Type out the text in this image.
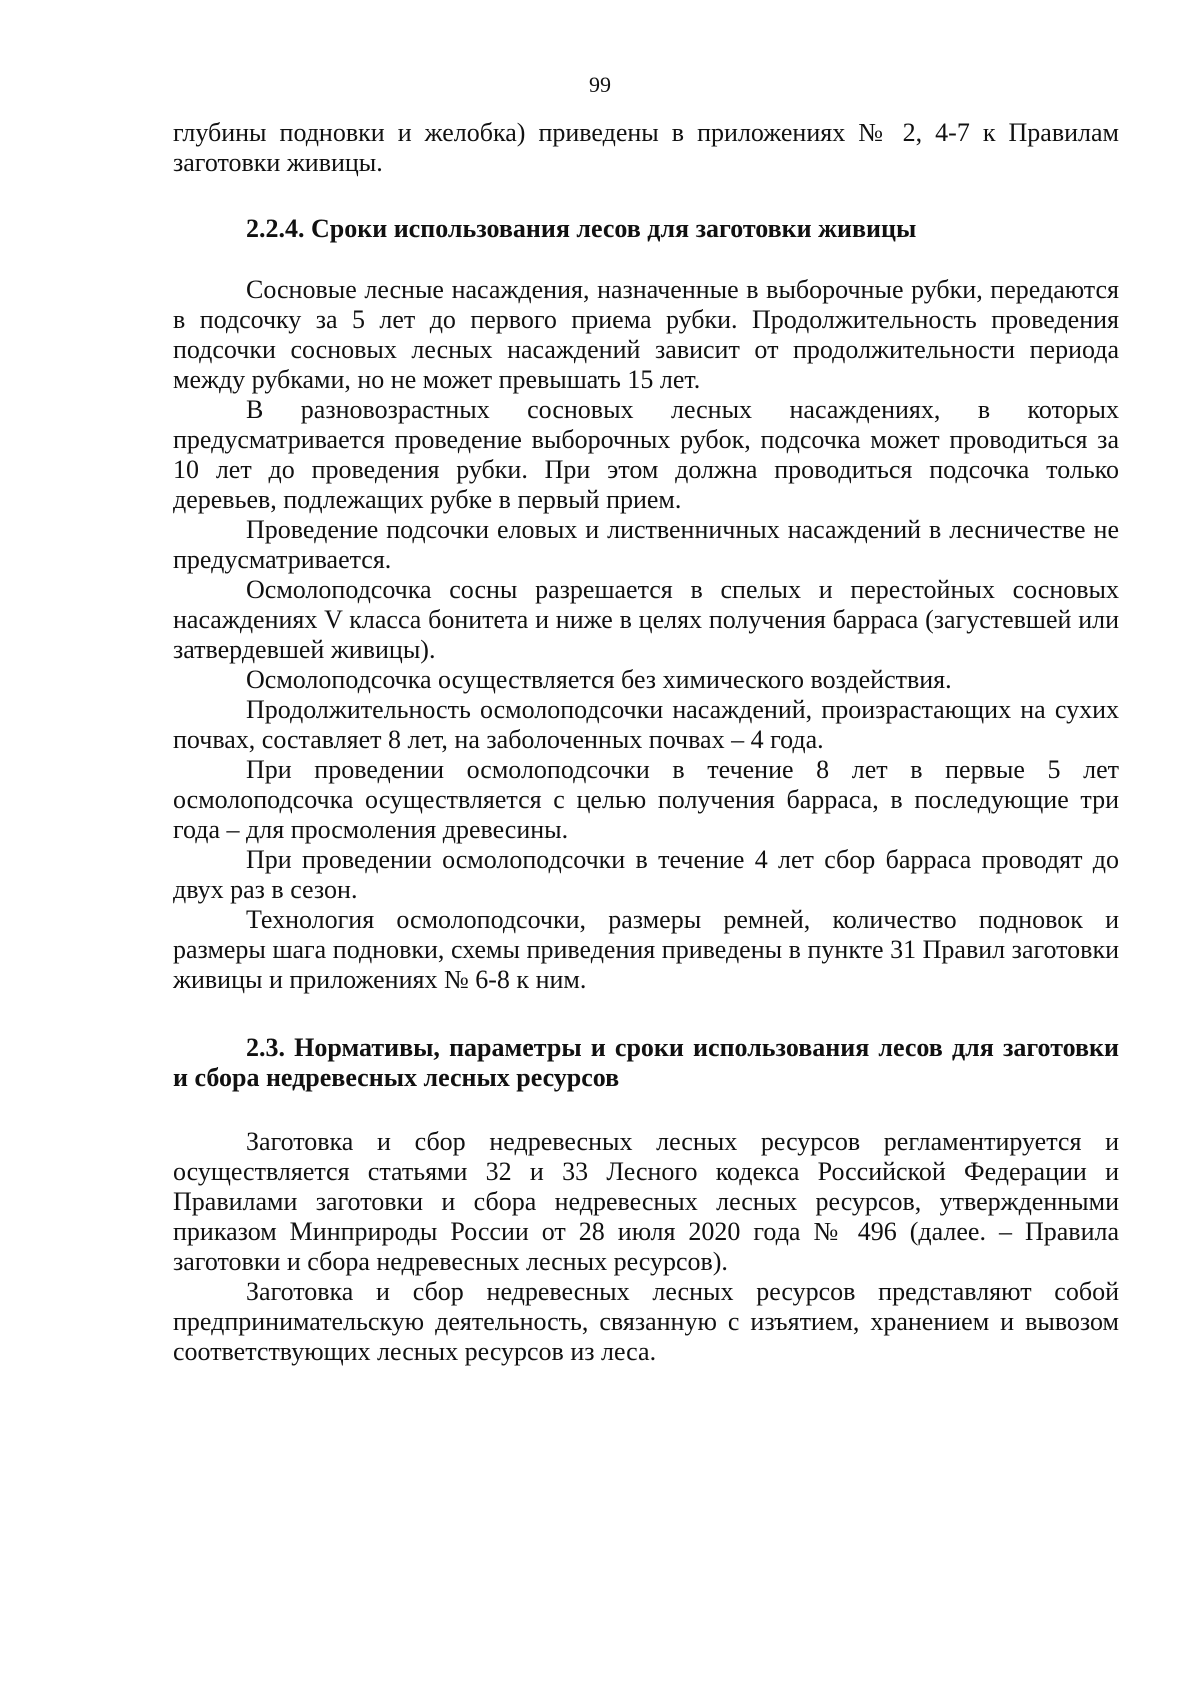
99

глубины подновки и желобка) приведены в приложениях № 2, 4-7 к Правилам заготовки живицы.

2.2.4. Сроки использования лесов для заготовки живицы

Сосновые лесные насаждения, назначенные в выборочные рубки, передаются в подсочку за 5 лет до первого приема рубки. Продолжительность проведения подсочки сосновых лесных насаждений зависит от продолжительности периода между рубками, но не может превышать 15 лет.

В разновозрастных сосновых лесных насаждениях, в которых предусматривается проведение выборочных рубок, подсочка может проводиться за 10 лет до проведения рубки. При этом должна проводиться подсочка только деревьев, подлежащих рубке в первый прием.

Проведение подсочки еловых и лиственничных насаждений в лесничестве не предусматривается.

Осмолоподсочка сосны разрешается в спелых и перестойных сосновых насаждениях V класса бонитета и ниже в целях получения барраса (загустевшей или затвердевшей живицы).

Осмолоподсочка осуществляется без химического воздействия.

Продолжительность осмолоподсочки насаждений, произрастающих на сухих почвах, составляет 8 лет, на заболоченных почвах – 4 года.

При проведении осмолоподсочки в течение 8 лет в первые 5 лет осмолоподсочка осуществляется с целью получения барраса, в последующие три года – для просмоления древесины.

При проведении осмолоподсочки в течение 4 лет сбор барраса проводят до двух раз в сезон.

Технология осмолоподсочки, размеры ремней, количество подновок и размеры шага подновки, схемы приведения приведены в пункте 31 Правил заготовки живицы и приложениях № 6-8 к ним.

2.3. Нормативы, параметры и сроки использования лесов для заготовки и сбора недревесных лесных ресурсов

Заготовка и сбор недревесных лесных ресурсов регламентируется и осуществляется статьями 32 и 33 Лесного кодекса Российской Федерации и Правилами заготовки и сбора недревесных лесных ресурсов, утвержденными приказом Минприроды России от 28 июля 2020 года № 496 (далее. – Правила заготовки и сбора недревесных лесных ресурсов).

Заготовка и сбор недревесных лесных ресурсов представляют собой предпринимательскую деятельность, связанную с изъятием, хранением и вывозом соответствующих лесных ресурсов из леса.
